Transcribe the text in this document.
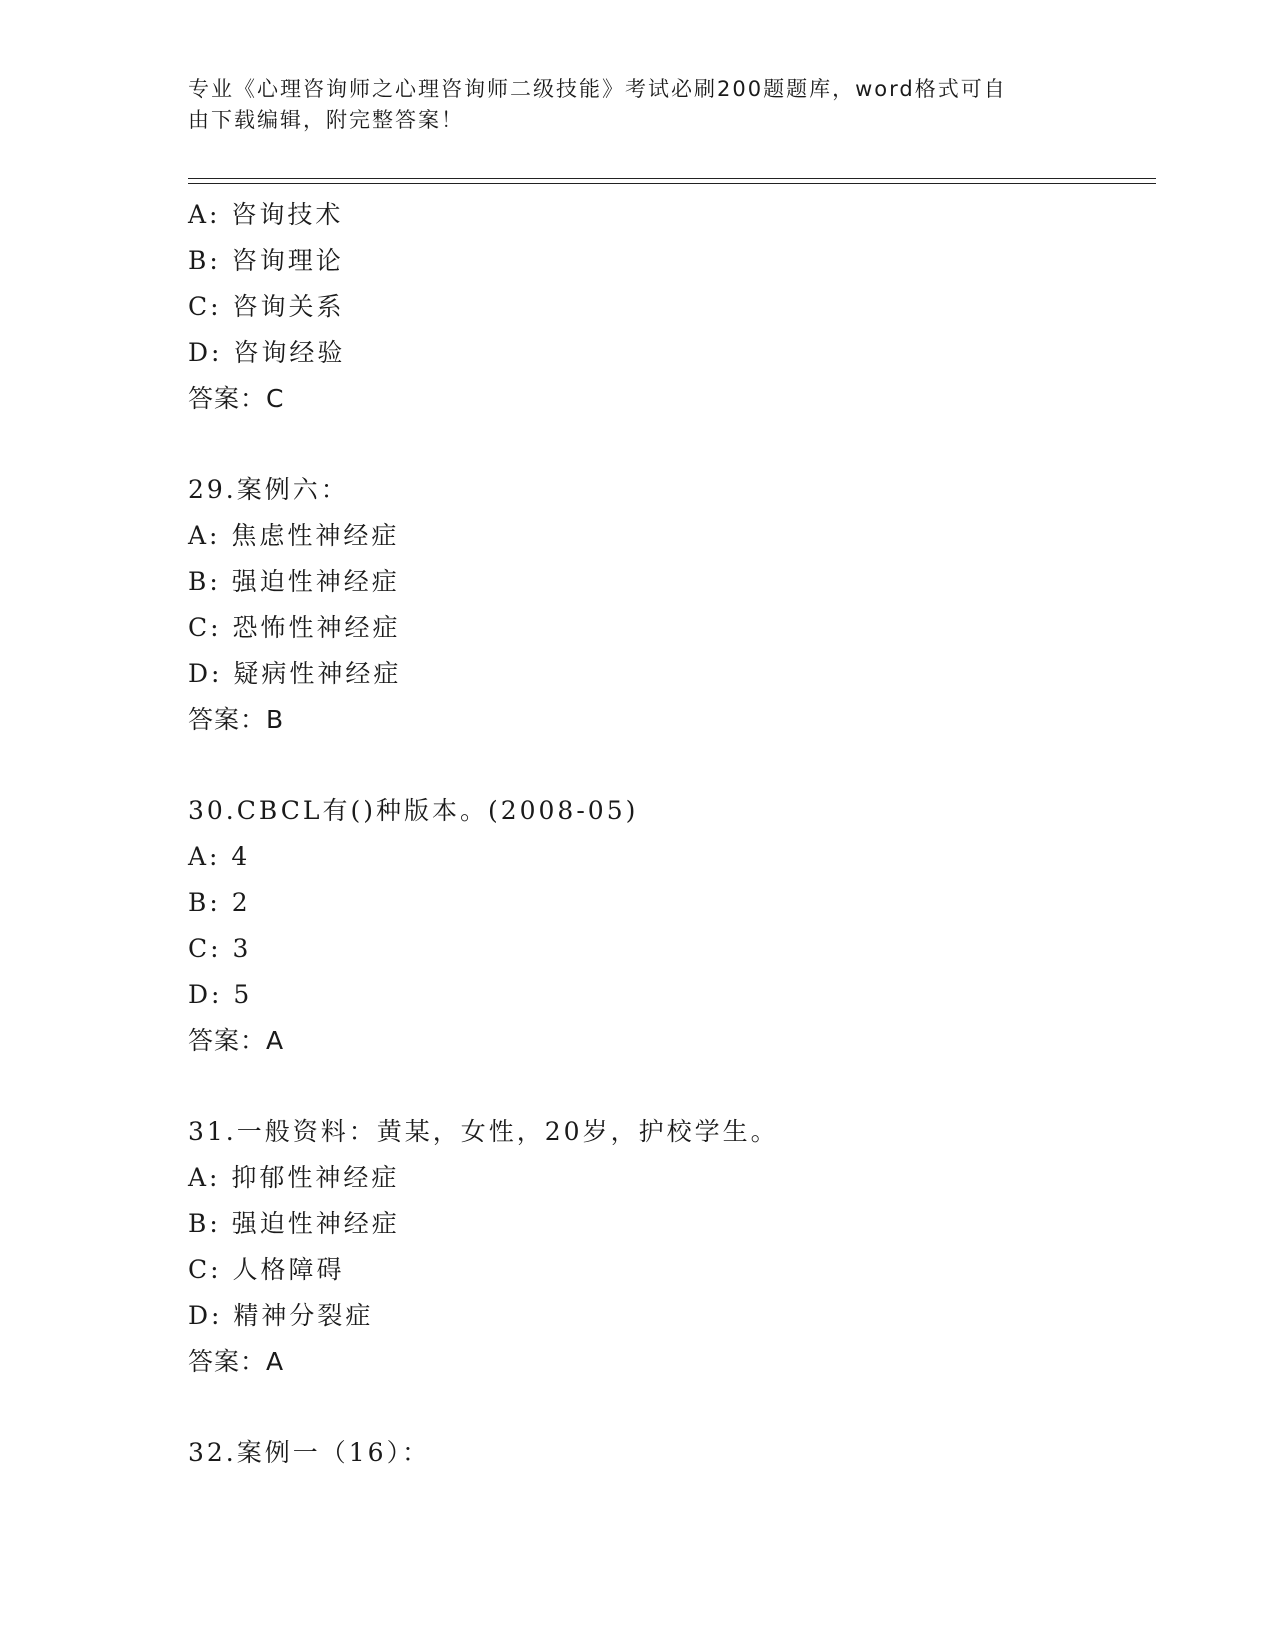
专业《心理咨询师之心理咨询师二级技能》考试必刷200题题库，word格式可自
由下载编辑，附完整答案！
A: 咨询技术
B: 咨询理论
C: 咨询关系
D: 咨询经验
答案：C
29.案例六：
A: 焦虑性神经症
B: 强迫性神经症
C: 恐怖性神经症
D: 疑病性神经症
答案：B
30.CBCL有()种版本。(2008-05)
A: 4
B: 2
C: 3
D: 5
答案：A
31.一般资料：黄某，女性，20岁，护校学生。
A: 抑郁性神经症
B: 强迫性神经症
C: 人格障碍
D: 精神分裂症
答案：A
32.案例一（16）：
